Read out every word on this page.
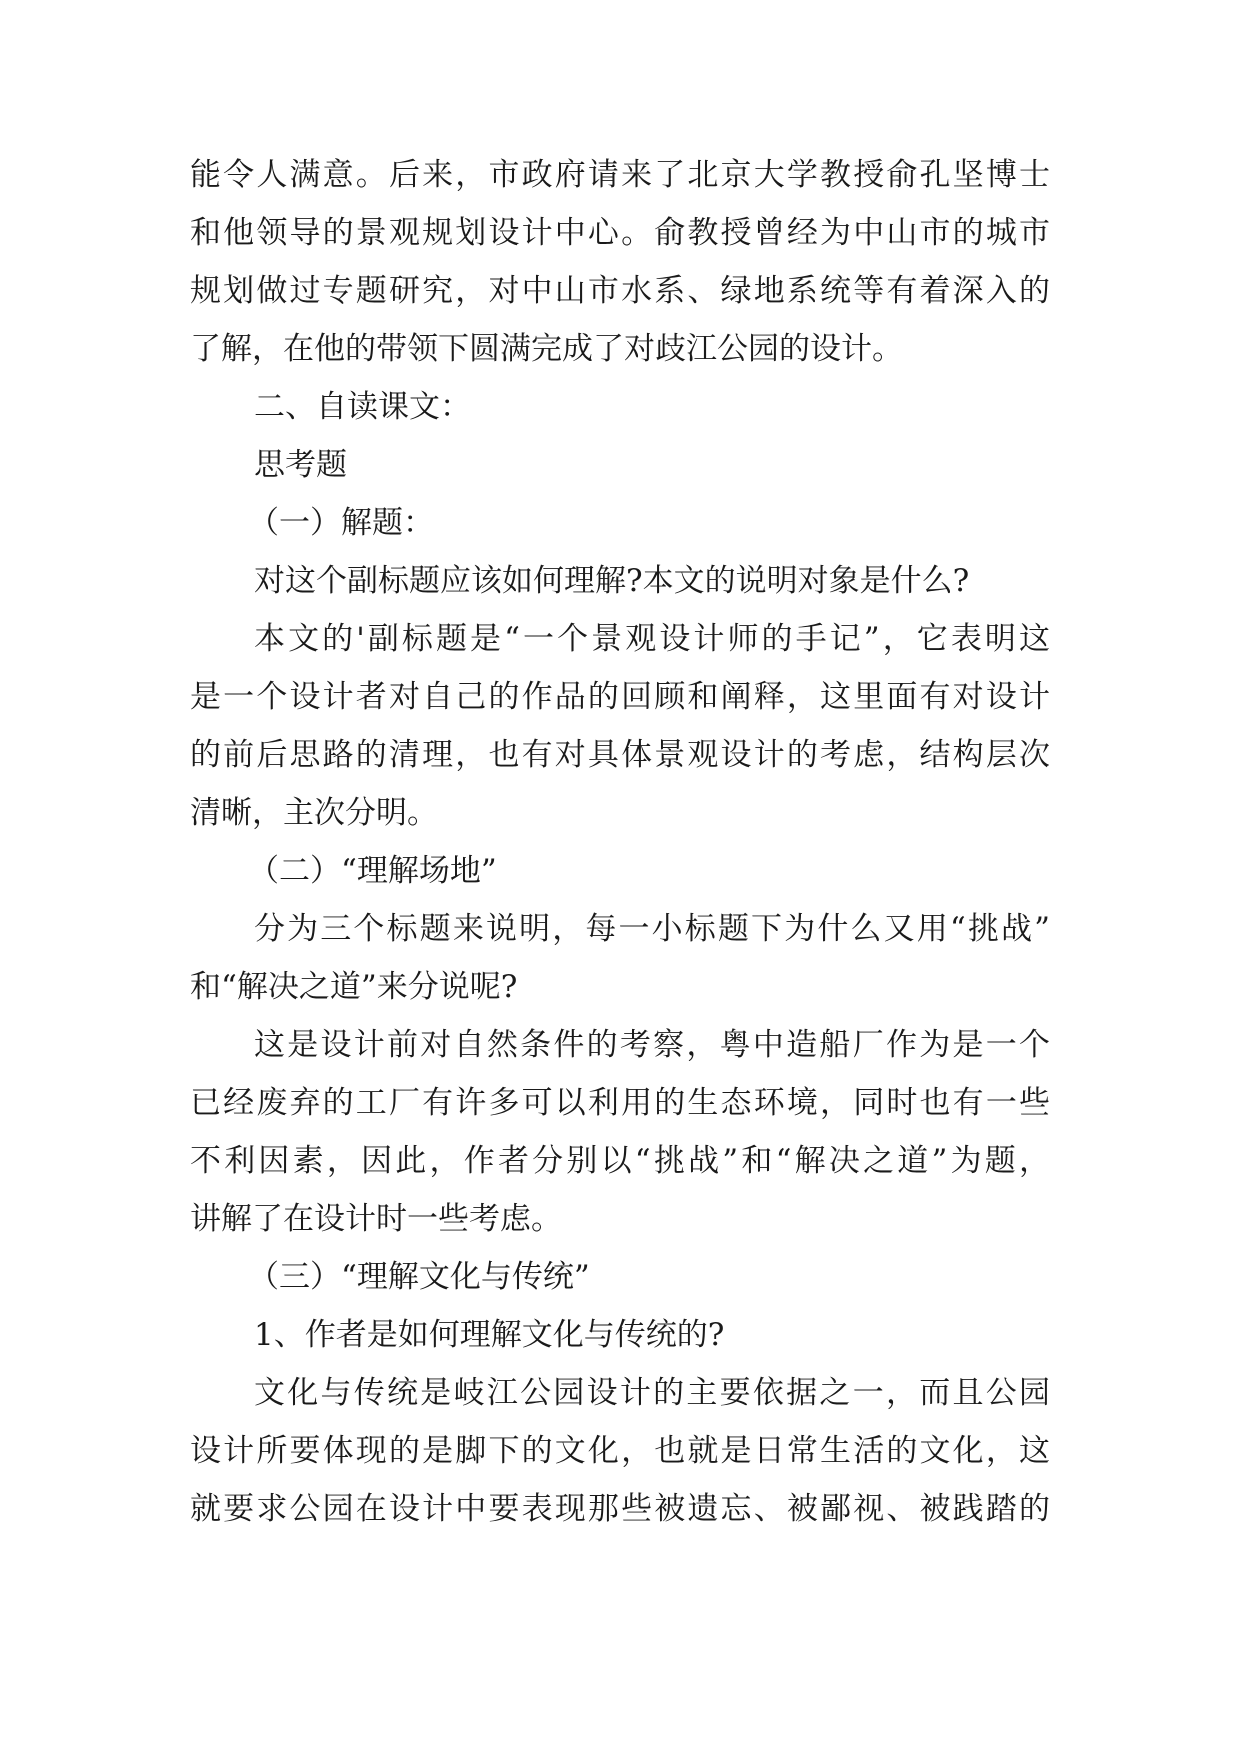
能令人满意。后来，市政府请来了北京大学教授俞孔坚博士

和他领导的景观规划设计中心。俞教授曾经为中山市的城市

规划做过专题研究，对中山市水系、绿地系统等有着深入的

了解，在他的带领下圆满完成了对歧江公园的设计。

二、自读课文：

思考题

（一）解题：

对这个副标题应该如何理解?本文的说明对象是什么?

本文的'副标题是“一个景观设计师的手记”，它表明这

是一个设计者对自己的作品的回顾和阐释，这里面有对设计

的前后思路的清理，也有对具体景观设计的考虑，结构层次

清晰，主次分明。

（二）“理解场地”

分为三个标题来说明，每一小标题下为什么又用“挑战”

和“解决之道”来分说呢?

这是设计前对自然条件的考察，粤中造船厂作为是一个

已经废弃的工厂有许多可以利用的生态环境，同时也有一些

不利因素，因此，作者分别以“挑战”和“解决之道”为题，

讲解了在设计时一些考虑。

（三）“理解文化与传统”

1、作者是如何理解文化与传统的?

文化与传统是岐江公园设计的主要依据之一，而且公园

设计所要体现的是脚下的文化，也就是日常生活的文化，这

就要求公园在设计中要表现那些被遗忘、被鄙视、被践踏的
